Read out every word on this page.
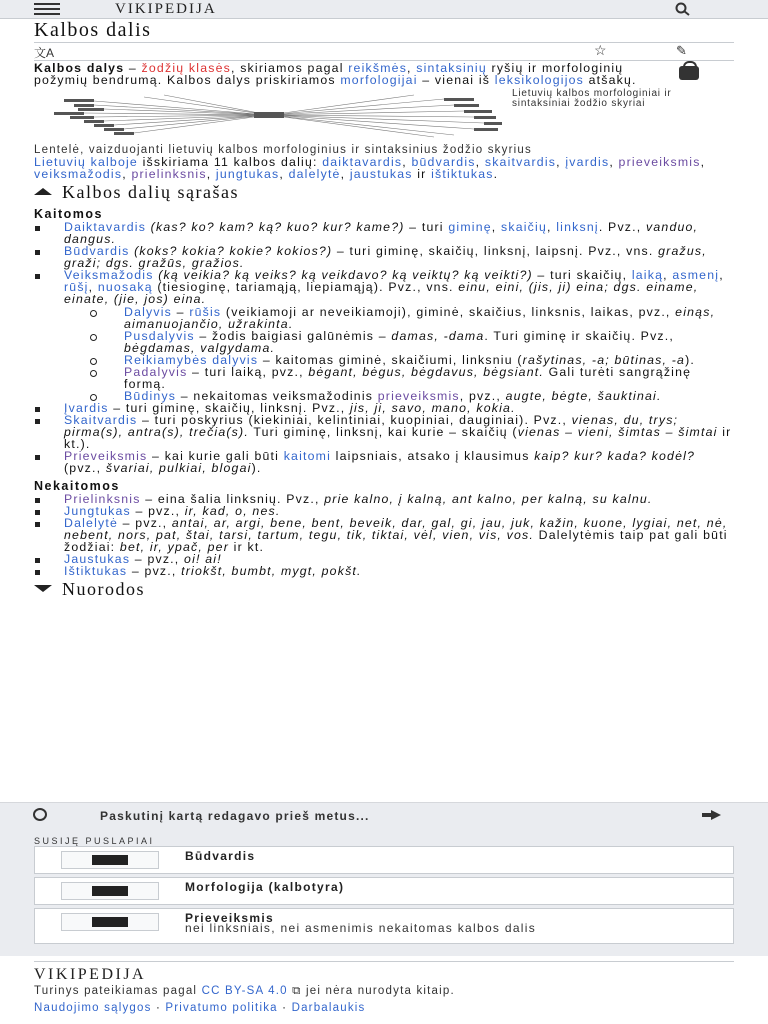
VIKIPEDIJA
Kalbos dalis
文A	☆	✎

Kalbos dalys – žodžių klasės, skiriamos pagal reikšmės, sintaksinių ryšių ir morfologinių požymių bendrumą. Kalbos dalys priskiriamos morfologijai – vienai iš leksikologijos atšakų.

Lietuvių kalbos morfologiniai ir sintaksiniai žodžio skyriai

Lentelė, vaizduojanti lietuvių kalbos morfologinius ir sintaksinius žodžio skyrius

Lietuvių kalboje išskiriama 11 kalbos dalių: daiktavardis, būdvardis, skaitvardis, įvardis, prieveiksmis, veiksmažodis, prielinksnis, jungtukas, dalelytė, jaustukas ir ištiktukas.

Kalbos dalių sąrašas
Kaitomos
Daiktavardis (kas? ko? kam? ką? kuo? kur? kame?) – turi giminę, skaičių, linksnį. Pvz., vanduo, dangus.
Būdvardis (koks? kokia? kokie? kokios?) – turi giminę, skaičių, linksnį, laipsnį. Pvz., vns. gražus, graži; dgs. gražūs, gražios.
Veiksmažodis (ką veikia? ką veiks? ką veikdavo? ką veiktų? ką veikti?) – turi skaičių, laiką, asmenį, rūšį, nuosaką (tiesioginę, tariamąją, liepiamąją). Pvz., vns. einu, eini, (jis, ji) eina; dgs. einame, einate, (jie, jos) eina.
Dalyvis – rūšis (veikiamoji ar neveikiamoji), giminė, skaičius, linksnis, laikas, pvz., einąs, aimanuojančio, užrakinta.
Pusdalyvis – žodis baigiasi galūnėmis – damas, -dama. Turi giminę ir skaičių. Pvz., bėgdamas, valgydama.
Reikiamybės dalyvis – kaitomas giminė, skaičiumi, linksniu (rašytinas, -a; būtinas, -a).
Padalyvis – turi laiką, pvz., bėgant, bėgus, bėgdavus, bėgsiant. Gali turėti sangrąžinę formą.
Būdinys – nekaitomas veiksmažodinis prieveiksmis, pvz., augte, bėgte, šauktinai.
Įvardis – turi giminę, skaičių, linksnį. Pvz., jis, ji, savo, mano, kokia.
Skaitvardis – turi poskyrius (kiekiniai, kelintiniai, kuopiniai, dauginiai). Pvz., vienas, du, trys; pirma(s), antra(s), trečia(s). Turi giminę, linksnį, kai kurie – skaičių (vienas – vieni, šimtas – šimtai ir kt.).
Prieveiksmis – kai kurie gali būti kaitomi laipsniais, atsako į klausimus kaip? kur? kada? kodėl? (pvz., švariai, pulkiai, blogai).
Nekaitomos
Prielinksnis – eina šalia linksnių. Pvz., prie kalno, į kalną, ant kalno, per kalną, su kalnu.
Jungtukas – pvz., ir, kad, o, nes.
Dalelytė – pvz., antai, ar, argi, bene, bent, beveik, dar, gal, gi, jau, juk, kažin, kuone, lygiai, net, nė, nebent, nors, pat, štai, tarsi, tartum, tegu, tik, tiktai, vėl, vien, vis, vos. Dalelytėmis taip pat gali būti žodžiai: bet, ir, ypač, per ir kt.
Jaustukas – pvz., oi! ai!
Ištiktukas – pvz., triokšt, bumbt, mygt, pokšt.
Nuorodos
Paskutinį kartą redagavo prieš metus...
SUSIJĘ PUSLAPIAI
Būdvardis
Morfologija (kalbotyra)
Prieveiksmis
nei linksniais, nei asmenimis nekaitomas kalbos dalis
VIKIPEDIJA
Turinys pateikiamas pagal CC BY-SA 4.0 ⧉ jei nėra nurodyta kitaip.
Naudojimo sąlygos · Privatumo politika · Darbalaukis
